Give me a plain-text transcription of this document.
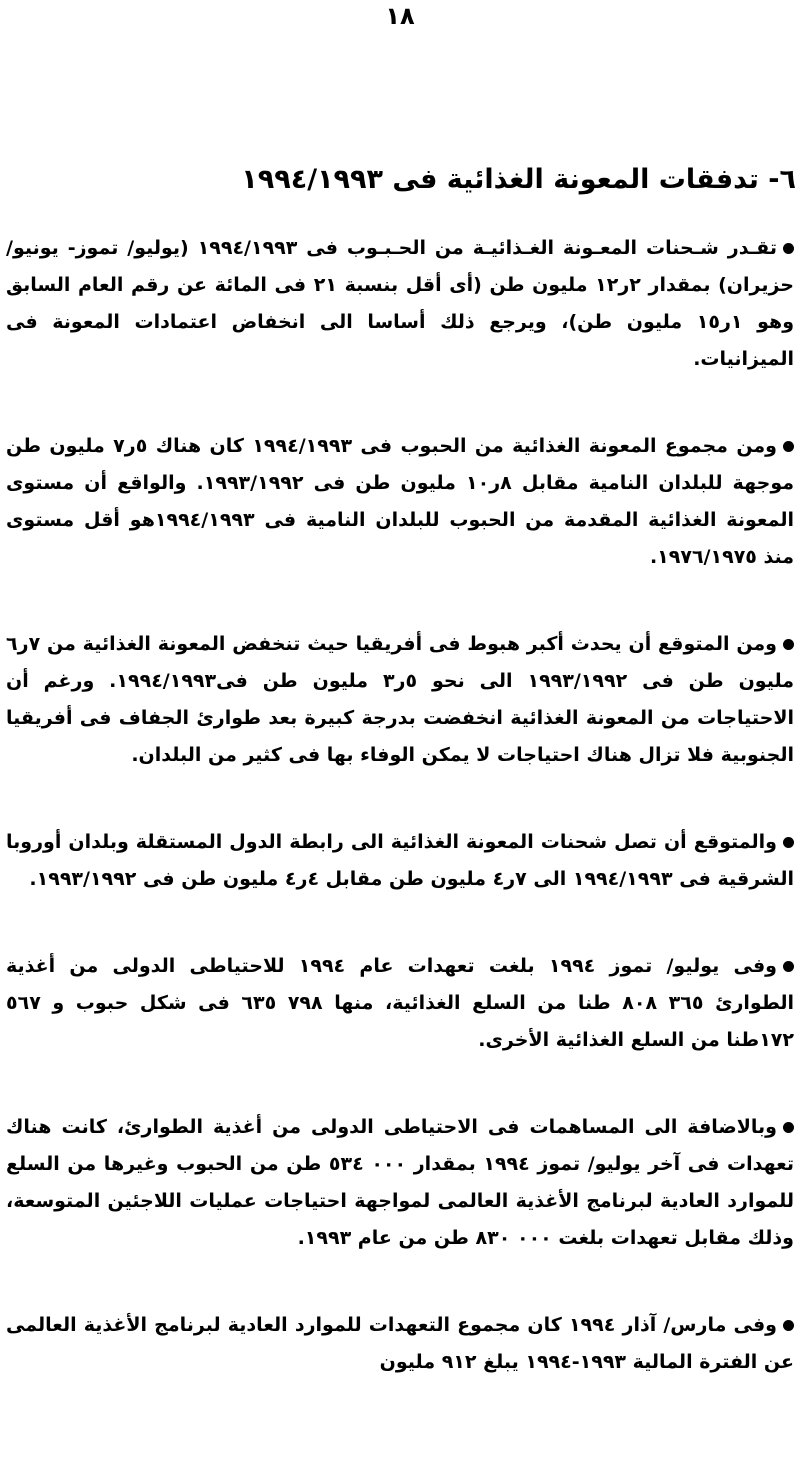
١٨
٦- تدفقات المعونة الغذائية فى ١٩٩٤/١٩٩٣

تقـدر شـحنات المعـونة الغـذائيـة من الحـبـوب فى ١٩٩٤/١٩٩٣ (يوليو/ تموز- يونيو/ حزيران) بمقدار ٢ر١٢ مليون طن (أى أقل بنسبة ٢١ فى المائة عن رقم العام السابق وهو ١ر١٥ مليون طن)، ويرجع ذلك أساسا الى انخفاض اعتمادات المعونة فى الميزانيات.

ومن مجموع المعونة الغذائية من الحبوب فى ١٩٩٤/١٩٩٣ كان هناك ٥ر٧ مليون طن موجهة للبلدان النامية مقابل ٨ر١٠ مليون طن فى ١٩٩٣/١٩٩٢. والواقع أن مستوى المعونة الغذائية المقدمة من الحبوب للبلدان النامية فى ١٩٩٤/١٩٩٣هو أقل مستوى منذ ١٩٧٦/١٩٧٥.

ومن المتوقع أن يحدث أكبر هبوط فى أفريقيا حيث تنخفض المعونة الغذائية من ٧ر٦ مليون طن فى ١٩٩٣/١٩٩٢ الى نحو ٥ر٣ مليون طن فى١٩٩٤/١٩٩٣. ورغم أن الاحتياجات من المعونة الغذائية انخفضت بدرجة كبيرة بعد طوارئ الجفاف فى أفريقيا الجنوبية فلا تزال هناك احتياجات لا يمكن الوفاء بها فى كثير من البلدان.

والمتوقع أن تصل شحنات المعونة الغذائية الى رابطة الدول المستقلة وبلدان أوروبا الشرقية فى ١٩٩٤/١٩٩٣ الى ٧ر٤ مليون طن مقابل ٤ر٤ مليون طن فى ١٩٩٣/١٩٩٢.

وفى يوليو/ تموز ١٩٩٤ بلغت تعهدات عام ١٩٩٤ للاحتياطى الدولى من أغذية الطوارئ ٣٦٥ ٨٠٨ طنا من السلع الغذائية، منها ٧٩٨ ٦٣٥ فى شكل حبوب و ٥٦٧ ١٧٢طنا من السلع الغذائية الأخرى.

وبالاضافة الى المساهمات فى الاحتياطى الدولى من أغذية الطوارئ، كانت هناك تعهدات فى آخر يوليو/ تموز ١٩٩٤ بمقدار ٠٠٠ ٥٣٤ طن من الحبوب وغيرها من السلع للموارد العادية لبرنامج الأغذية العالمى لمواجهة احتياجات عمليات اللاجئين المتوسعة، وذلك مقابل تعهدات بلغت ٠٠٠ ٨٣٠ طن من عام ١٩٩٣.

وفى مارس/ آذار ١٩٩٤ كان مجموع التعهدات للموارد العادية لبرنامج الأغذية العالمى عن الفترة المالية ١٩٩٣-١٩٩٤ يبلغ ٩١٢ مليون
